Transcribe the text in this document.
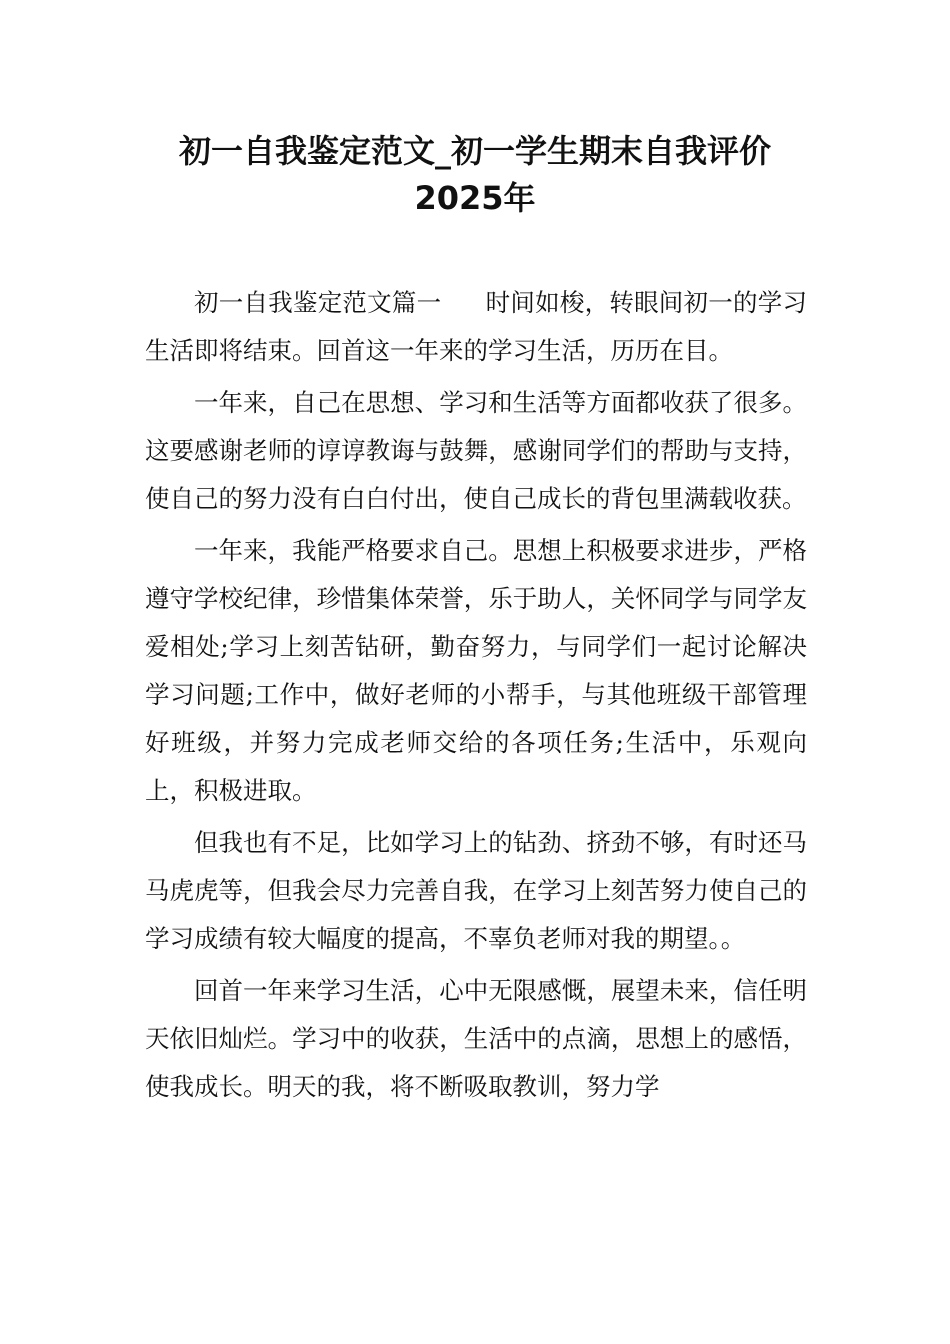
初一自我鉴定范文_初一学生期末自我评价
2025年

初一自我鉴定范文篇一 时间如梭，转眼间初一的学习生活即将结束。回首这一年来的学习生活，历历在目。

一年来，自己在思想、学习和生活等方面都收获了很多。这要感谢老师的谆谆教诲与鼓舞，感谢同学们的帮助与支持，使自己的努力没有白白付出，使自己成长的背包里满载收获。

一年来，我能严格要求自己。思想上积极要求进步，严格遵守学校纪律，珍惜集体荣誉，乐于助人，关怀同学与同学友爱相处;学习上刻苦钻研，勤奋努力，与同学们一起讨论解决学习问题;工作中，做好老师的小帮手，与其他班级干部管理好班级，并努力完成老师交给的各项任务;生活中，乐观向上，积极进取。

但我也有不足，比如学习上的钻劲、挤劲不够，有时还马马虎虎等，但我会尽力完善自我，在学习上刻苦努力使自己的学习成绩有较大幅度的提高，不辜负老师对我的期望。。

回首一年来学习生活，心中无限感慨，展望未来，信任明天依旧灿烂。学习中的收获，生活中的点滴，思想上的感悟，使我成长。明天的我，将不断吸取教训，努力学
